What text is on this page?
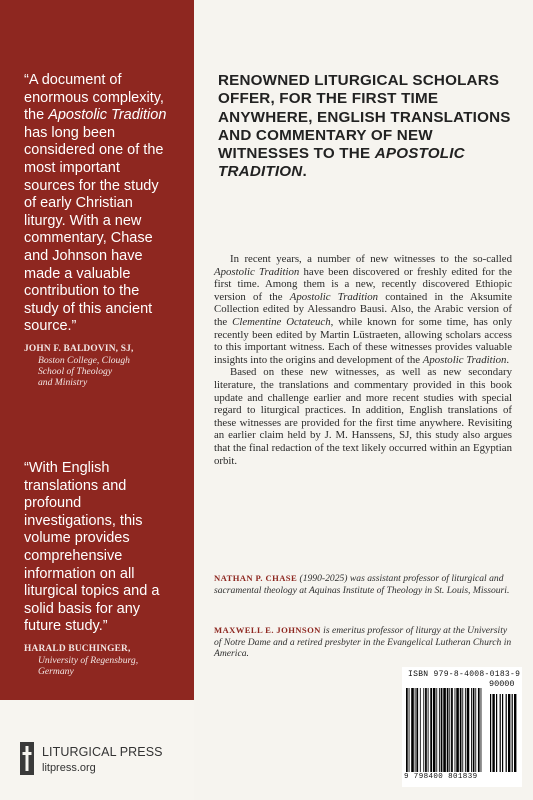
“A document of enormous complexity, the Apostolic Tradition has long been considered one of the most important sources for the study of early Christian liturgy. With a new commentary, Chase and Johnson have made a valuable contribution to the study of this ancient source.”
JOHN F. BALDOVIN, SJ,
Boston College, Clough
School of Theology
and Ministry
“With English translations and profound investigations, this volume provides comprehensive information on all liturgical topics and a solid basis for any future study.”
HARALD BUCHINGER,
University of Regensburg,
Germany
LITURGICAL PRESS
litpress.org
RENOWNED LITURGICAL SCHOLARS OFFER, FOR THE FIRST TIME ANYWHERE, ENGLISH TRANSLATIONS AND COMMENTARY OF NEW WITNESSES TO THE APOSTOLIC TRADITION.

In recent years, a number of new witnesses to the so-called Apostolic Tradition have been discovered or freshly edited for the first time. Among them is a new, recently discovered Ethiopic version of the Apostolic Tradition contained in the Aksumite Collection edited by Alessandro Bausi. Also, the Arabic version of the Clementine Octateuch, while known for some time, has only recently been edited by Martin Lüstraeten, allowing scholars access to this important witness. Each of these witnesses provides valuable insights into the origins and development of the Apostolic Tradition.

Based on these new witnesses, as well as new secondary literature, the translations and commentary provided in this book update and challenge earlier and more recent studies with special regard to liturgical practices. In addition, English translations of these witnesses are provided for the first time anywhere. Revisiting an earlier claim held by J. M. Hanssens, SJ, this study also argues that the final redaction of the text likely occurred within an Egyptian orbit.

NATHAN P. CHASE (1990-2025) was assistant professor of liturgical and sacramental theology at Aquinas Institute of Theology in St. Louis, Missouri.
MAXWELL E. JOHNSON is emeritus professor of liturgy at the University of Notre Dame and a retired presbyter in the Evangelical Lutheran Church in America.
ISBN 979-8-4008-0183-9
90000
9 798400 801839
